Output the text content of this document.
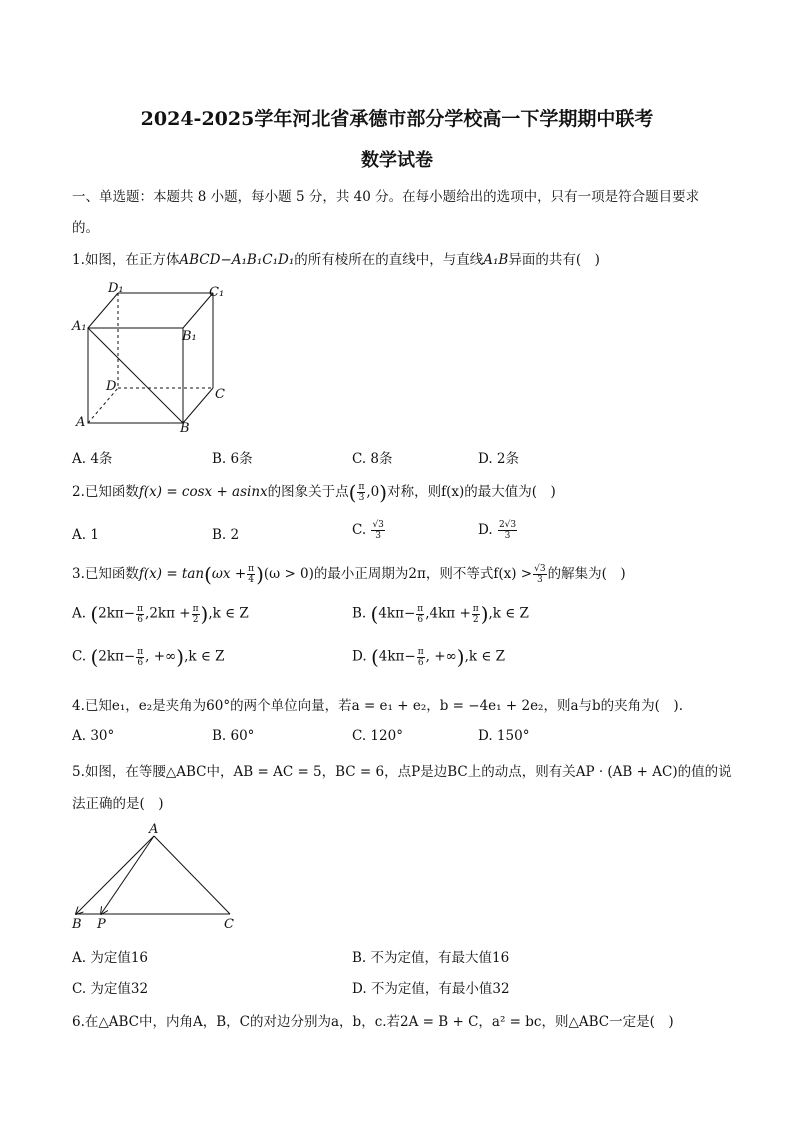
2024-2025学年河北省承德市部分学校高一下学期期中联考
数学试卷
一、单选题：本题共 8 小题，每小题 5 分，共 40 分。在每小题给出的选项中，只有一项是符合题目要求
的。
1.如图，在正方体ABCD−A₁B₁C₁D₁的所有棱所在的直线中，与直线A₁B异面的共有(　)
D₁	C₁
A₁
B₁
D
C
A	B
A. 4条	B. 6条	C. 8条	D. 2条
2.已知函数f(x) = cosx + asinx的图象关于点( $\frac{\pi}{3} ,0$)对称，则f(x)的最大值为(　)
A. 1	B. 2	C. $\frac{√3}{3}$	D. $\frac{2√3}{3}$
3.已知函数$f(x) = \tan(\omega x + \frac{\pi}{4} )(\omega > 0)$的最小正周期为2π，则不等式$f(x) > \frac{√3}{3}$ 的解集为(　)
A. $(2k\pi- \frac{\pi}{6} ,2k\pi + \frac{\pi}{2} ),k$ ∈ Z	B. $(4k\pi- \frac{\pi}{6} ,4k\pi + \frac{\pi}{2} ),k$ ∈ Z
C. ($2k\pi- \frac{\pi}{6}$ , +∞),k ∈ Z	D. ($4k\pi- \frac{\pi}{6}$ , +∞),k ∈ Z
4.已知e₁，e₂是夹角为60°的两个单位向量，若a = e₁ + e₂，b = −4e₁ + 2e₂，则a与b的夹角为(　).
A. 30°	B. 60°	C. 120°	D. 150°
5.如图，在等腰△ABC中，AB = AC = 5，BC = 6，点P是边BC上的动点，则有关AP · (AB + AC)的值的说
法正确的是(　)
A
B P	C
A. 为定值16	B. 不为定值，有最大值16
C. 为定值32	D. 不为定值，有最小值32
6.在△ABC中，内角A，B，C的对边分别为a，b，c.若2A = B + C，a² = bc，则△ABC一定是(　)
